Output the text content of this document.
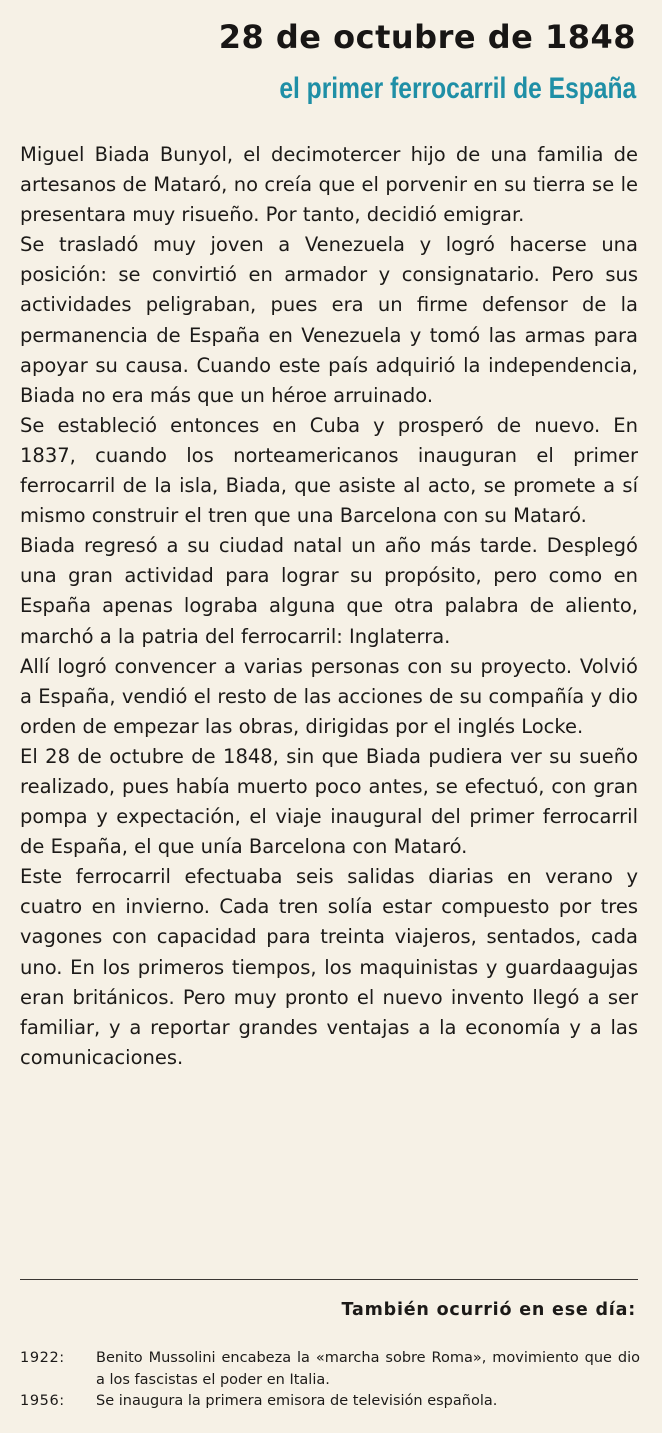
28 de octubre de 1848
el primer ferrocarril de España

Miguel Biada Bunyol, el decimotercer hijo de una familia de artesanos de Mataró, no creía que el porvenir en su tierra se le presentara muy risueño. Por tanto, decidió emigrar.

Se trasladó muy joven a Venezuela y logró hacerse una posición: se convirtió en armador y consignatario. Pero sus actividades peligraban, pues era un firme defensor de la permanencia de España en Venezuela y tomó las armas para apoyar su causa. Cuando este país adquirió la independencia, Biada no era más que un héroe arruinado.

Se estableció entonces en Cuba y prosperó de nuevo. En 1837, cuando los norteamericanos inauguran el primer ferrocarril de la isla, Biada, que asiste al acto, se promete a sí mismo construir el tren que una Barcelona con su Mataró.

Biada regresó a su ciudad natal un año más tarde. Desplegó una gran actividad para lograr su propósito, pero como en España apenas lograba alguna que otra palabra de aliento, marchó a la patria del ferrocarril: Inglaterra.

Allí logró convencer a varias personas con su proyecto. Volvió a España, vendió el resto de las acciones de su compañía y dio orden de empezar las obras, dirigidas por el inglés Locke.

El 28 de octubre de 1848, sin que Biada pudiera ver su sueño realizado, pues había muerto poco antes, se efectuó, con gran pompa y expectación, el viaje inaugural del primer ferrocarril de España, el que unía Barcelona con Mataró.

Este ferrocarril efectuaba seis salidas diarias en verano y cuatro en invierno. Cada tren solía estar compuesto por tres vagones con capacidad para treinta viajeros, sentados, cada uno. En los primeros tiempos, los maquinistas y guardaagujas eran británicos. Pero muy pronto el nuevo invento llegó a ser familiar, y a reportar grandes ventajas a la economía y a las comunicaciones.

También ocurrió en ese día:
1922:	Benito Mussolini encabeza la «marcha sobre Roma», movimiento que dio a los fascistas el poder en Italia.
1956:	Se inaugura la primera emisora de televisión española.
